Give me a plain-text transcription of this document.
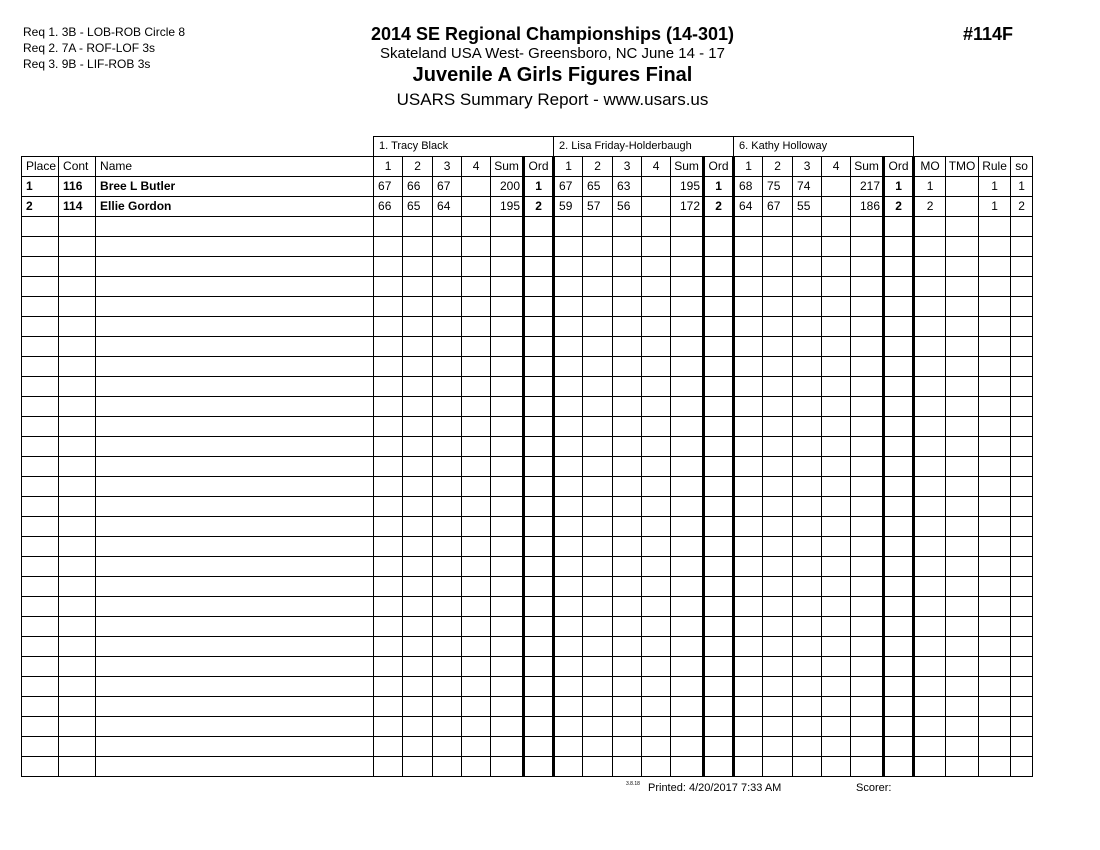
Req 1. 3B - LOB-ROB Circle 8
Req 2. 7A - ROF-LOF 3s
Req 3. 9B - LIF-ROB 3s
2014 SE Regional Championships (14-301)
Skateland USA West- Greensboro, NC June 14 - 17
Juvenile A Girls Figures Final
USARS Summary Report - www.usars.us
#114F
			1. Tracy Black						2. Lisa Friday-Holderbaugh						6. Kathy Holloway									
Place	Cont	Name	1	2	3	4	Sum	Ord	1	2	3	4	Sum	Ord	1	2	3	4	Sum	Ord	MO	TMO	Rule	so
1	116	Bree L Butler	67	66	67		200	1	67	65	63		195	1	68	75	74		217	1	1		1	1
2	114	Ellie Gordon	66	65	64		195	2	59	57	56		172	2	64	67	55		186	2	2		1	2

3.8.18 Printed: 4/20/2017 7:33 AM	Scorer:
